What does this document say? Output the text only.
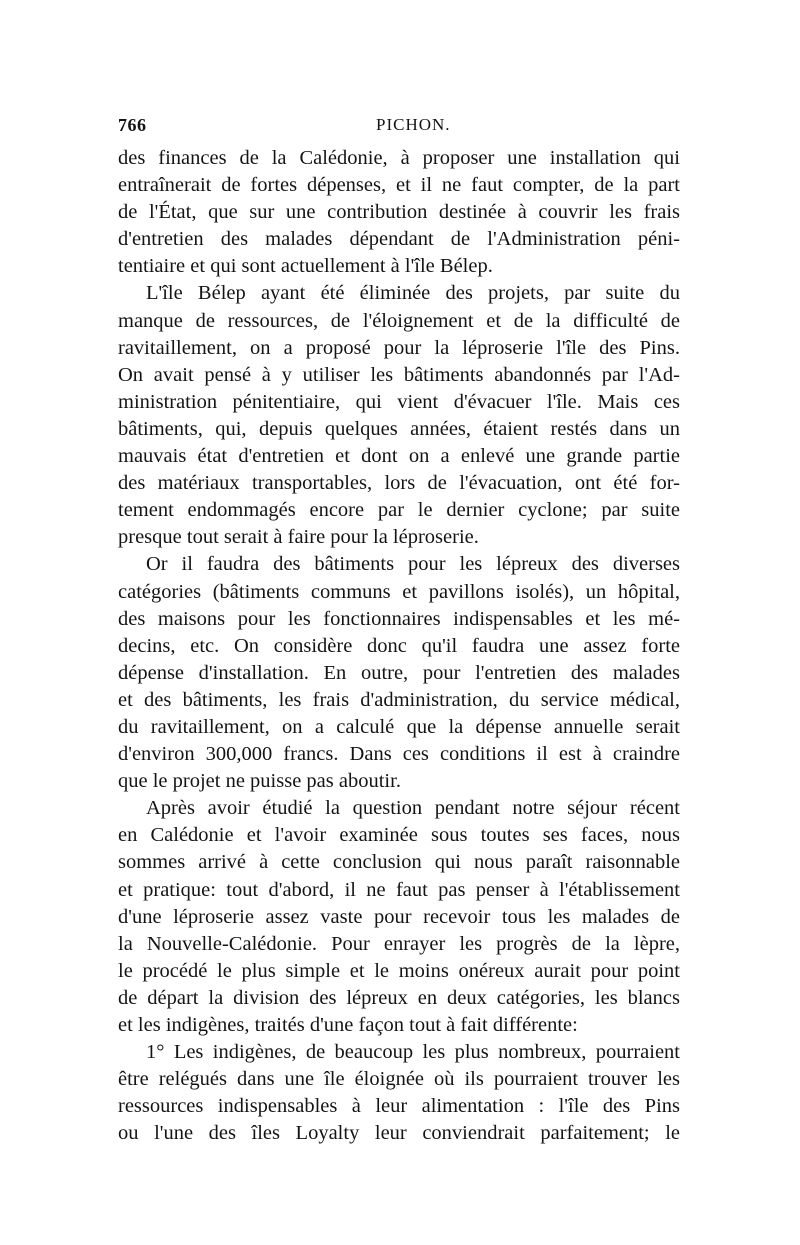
766	PICHON.
des finances de la Calédonie, à proposer une installation qui
entraînerait de fortes dépenses, et il ne faut compter, de la part
de l'État, que sur une contribution destinée à couvrir les frais
d'entretien des malades dépendant de l'Administration péni-
tentiaire et qui sont actuellement à l'île Bélep.
L'île Bélep ayant été éliminée des projets, par suite du
manque de ressources, de l'éloignement et de la difficulté de
ravitaillement, on a proposé pour la léproserie l'île des Pins.
On avait pensé à y utiliser les bâtiments abandonnés par l'Ad-
ministration pénitentiaire, qui vient d'évacuer l'île. Mais ces
bâtiments, qui, depuis quelques années, étaient restés dans un
mauvais état d'entretien et dont on a enlevé une grande partie
des matériaux transportables, lors de l'évacuation, ont été for-
tement endommagés encore par le dernier cyclone; par suite
presque tout serait à faire pour la léproserie.
Or il faudra des bâtiments pour les lépreux des diverses
catégories (bâtiments communs et pavillons isolés), un hôpital,
des maisons pour les fonctionnaires indispensables et les mé-
decins, etc. On considère donc qu'il faudra une assez forte
dépense d'installation. En outre, pour l'entretien des malades
et des bâtiments, les frais d'administration, du service médical,
du ravitaillement, on a calculé que la dépense annuelle serait
d'environ 300,000 francs. Dans ces conditions il est à craindre
que le projet ne puisse pas aboutir.
Après avoir étudié la question pendant notre séjour récent
en Calédonie et l'avoir examinée sous toutes ses faces, nous
sommes arrivé à cette conclusion qui nous paraît raisonnable
et pratique: tout d'abord, il ne faut pas penser à l'établissement
d'une léproserie assez vaste pour recevoir tous les malades de
la Nouvelle-Calédonie. Pour enrayer les progrès de la lèpre,
le procédé le plus simple et le moins onéreux aurait pour point
de départ la division des lépreux en deux catégories, les blancs
et les indigènes, traités d'une façon tout à fait différente:
1° Les indigènes, de beaucoup les plus nombreux, pourraient
être relégués dans une île éloignée où ils pourraient trouver les
ressources indispensables à leur alimentation : l'île des Pins
ou l'une des îles Loyalty leur conviendrait parfaitement; le
